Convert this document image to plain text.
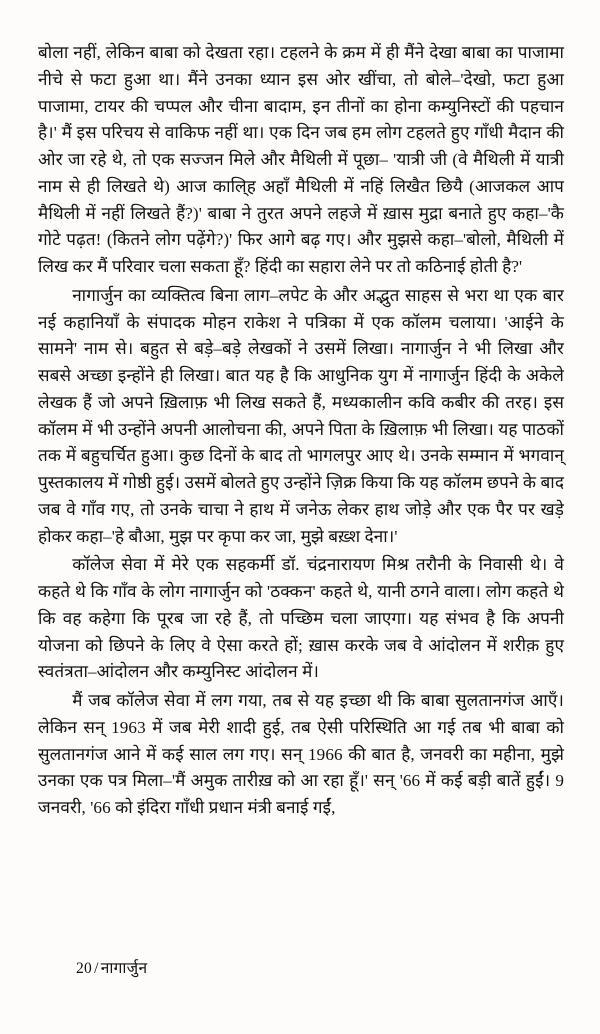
बोला नहीं, लेकिन बाबा को देखता रहा। टहलने के क्रम में ही मैंने देखा बाबा का पाजामा नीचे से फटा हुआ था। मैंने उनका ध्यान इस ओर खींचा, तो बोले–'देखो, फटा हुआ पाजामा, टायर की चप्पल और चीना बादाम, इन तीनों का होना कम्युनिस्टों की पहचान है।' मैं इस परिचय से वाकिफ नहीं था। एक दिन जब हम लोग टहलते हुए गाँधी मैदान की ओर जा रहे थे, तो एक सज्जन मिले और मैथिली में पूछा– 'यात्री जी (वे मैथिली में यात्री नाम से ही लिखते थे) आज कालि्ह अहाँ मैथिली में नहिं लिखैत छियै (आजकल आप मैथिली में नहीं लिखते हैं?)' बाबा ने तुरत अपने लहजे में ख़ास मुद्रा बनाते हुए कहा–'कै गोटे पढ़त! (कितने लोग पढ़ेंगे?)' फिर आगे बढ़ गए। और मुझसे कहा–'बोलो, मैथिली में लिख कर मैं परिवार चला सकता हूँ? हिंदी का सहारा लेने पर तो कठिनाई होती है?'

नागार्जुन का व्यक्तित्व बिना लाग–लपेट के और अद्भुत साहस से भरा था एक बार नई कहानियाँ के संपादक मोहन राकेश ने पत्रिका में एक कॉलम चलाया। 'आईने के सामने' नाम से। बहुत से बड़े–बड़े लेखकों ने उसमें लिखा। नागार्जुन ने भी लिखा और सबसे अच्छा इन्होंने ही लिखा। बात यह है कि आधुनिक युग में नागार्जुन हिंदी के अकेले लेखक हैं जो अपने ख़िलाफ़ भी लिख सकते हैं, मध्यकालीन कवि कबीर की तरह। इस कॉलम में भी उन्होंने अपनी आलोचना की, अपने पिता के ख़िलाफ़ भी लिखा। यह पाठकों तक में बहुचर्चित हुआ। कुछ दिनों के बाद तो भागलपुर आए थे। उनके सम्मान में भगवान् पुस्तकालय में गोष्ठी हुई। उसमें बोलते हुए उन्होंने ज़िक्र किया कि यह कॉलम छपने के बाद जब वे गाँव गए, तो उनके चाचा ने हाथ में जनेऊ लेकर हाथ जोड़े और एक पैर पर खड़े होकर कहा–'हे बौआ, मुझ पर कृपा कर जा, मुझे बख़्श देना।'

कॉलेज सेवा में मेरे एक सहकर्मी डॉ. चंद्रनारायण मिश्र तरौनी के निवासी थे। वे कहते थे कि गाँव के लोग नागार्जुन को 'ठक्कन' कहते थे, यानी ठगने वाला। लोग कहते थे कि वह कहेगा कि पूरब जा रहे हैं, तो पच्छिम चला जाएगा। यह संभव है कि अपनी योजना को छिपने के लिए वे ऐसा करते हों; ख़ास करके जब वे आंदोलन में शरीक़ हुए स्वतंत्रता–आंदोलन और कम्युनिस्ट आंदोलन में।

मैं जब कॉलेज सेवा में लग गया, तब से यह इच्छा थी कि बाबा सुलतानगंज आएँ। लेकिन सन् 1963 में जब मेरी शादी हुई, तब ऐसी परिस्थिति आ गई तब भी बाबा को सुलतानगंज आने में कई साल लग गए। सन् 1966 की बात है, जनवरी का महीना, मुझे उनका एक पत्र मिला–'मैं अमुक तारीख़ को आ रहा हूँ।' सन् '66 में कई बड़ी बातें हुईं। 9 जनवरी, '66 को इंदिरा गाँधी प्रधान मंत्री बनाई गईं,

20 / नागार्जुन
